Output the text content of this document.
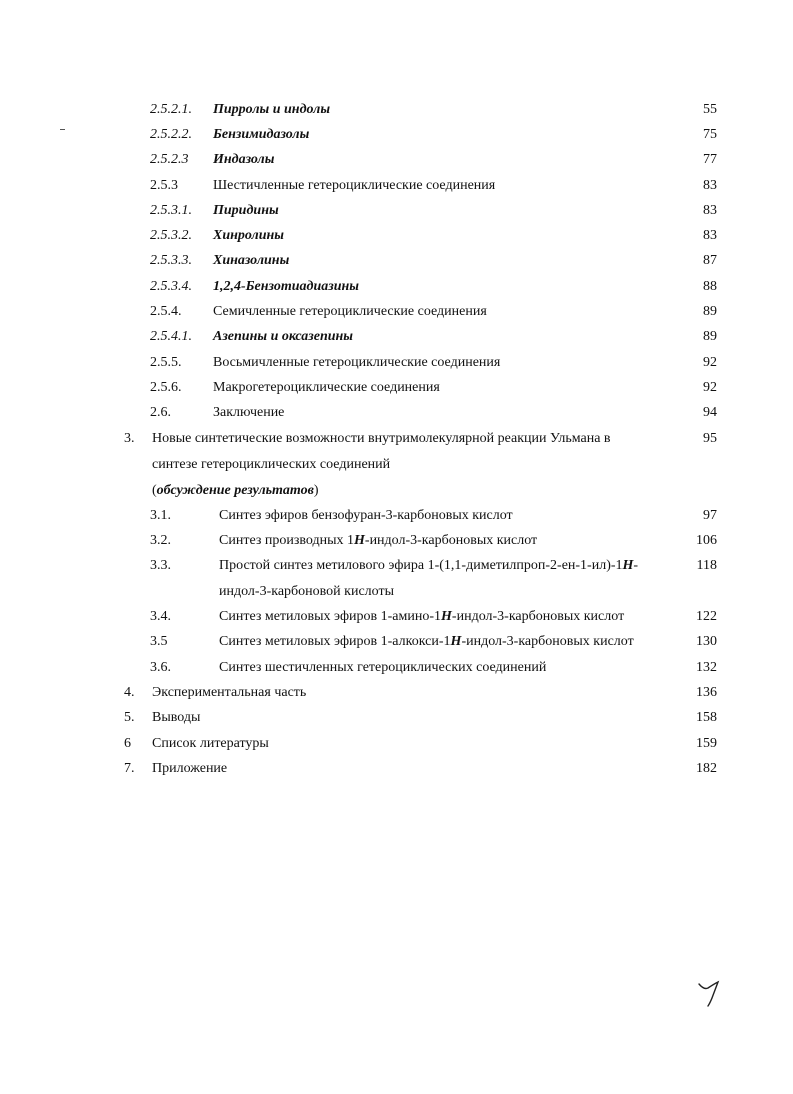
2.5.2.1. Пирролы и индолы	55
2.5.2.2. Бензимидазолы	75
2.5.2.3 Индазолы	77
2.5.3	Шестичленные гетероциклические соединения	83
2.5.3.1. Пиридины	83
2.5.3.2. Хинролины	83
2.5.3.3. Хиназолины	87
2.5.3.4. 1,2,4-Бензотиадиазины	88
2.5.4. Семичленные гетероциклические соединения	89
2.5.4.1. Азепины и оксазепины	89
2.5.5. Восьмичленные гетероциклические соединения	92
2.5.6. Макрогетероциклические соединения	92
2.6.	Заключение	94
3. Новые синтетические возможности внутримолекулярной реакции Ульмана в	95
синтезе гетероциклических соединений
(обсуждение результатов)
3.1.	Синтез эфиров бензофуран-3-карбоновых кислот	97
3.2.	Синтез производных 1H-индол-3-карбоновых кислот	106
3.3.	Простой синтез метилового эфира 1-(1,1-диметилпроп-2-ен-1-ил)-1H-	118
индол-3-карбоновой кислоты
3.4.	Синтез метиловых эфиров 1-амино-1H-индол-3-карбоновых кислот	122
3.5	Синтез метиловых эфиров 1-алкокси-1H-индол-3-карбоновых кислот	130
3.6.	Синтез шестичленных гетероциклических соединений	132
4. Экспериментальная часть	136
5. Выводы	158
6 Список литературы	159
7. Приложение	182
